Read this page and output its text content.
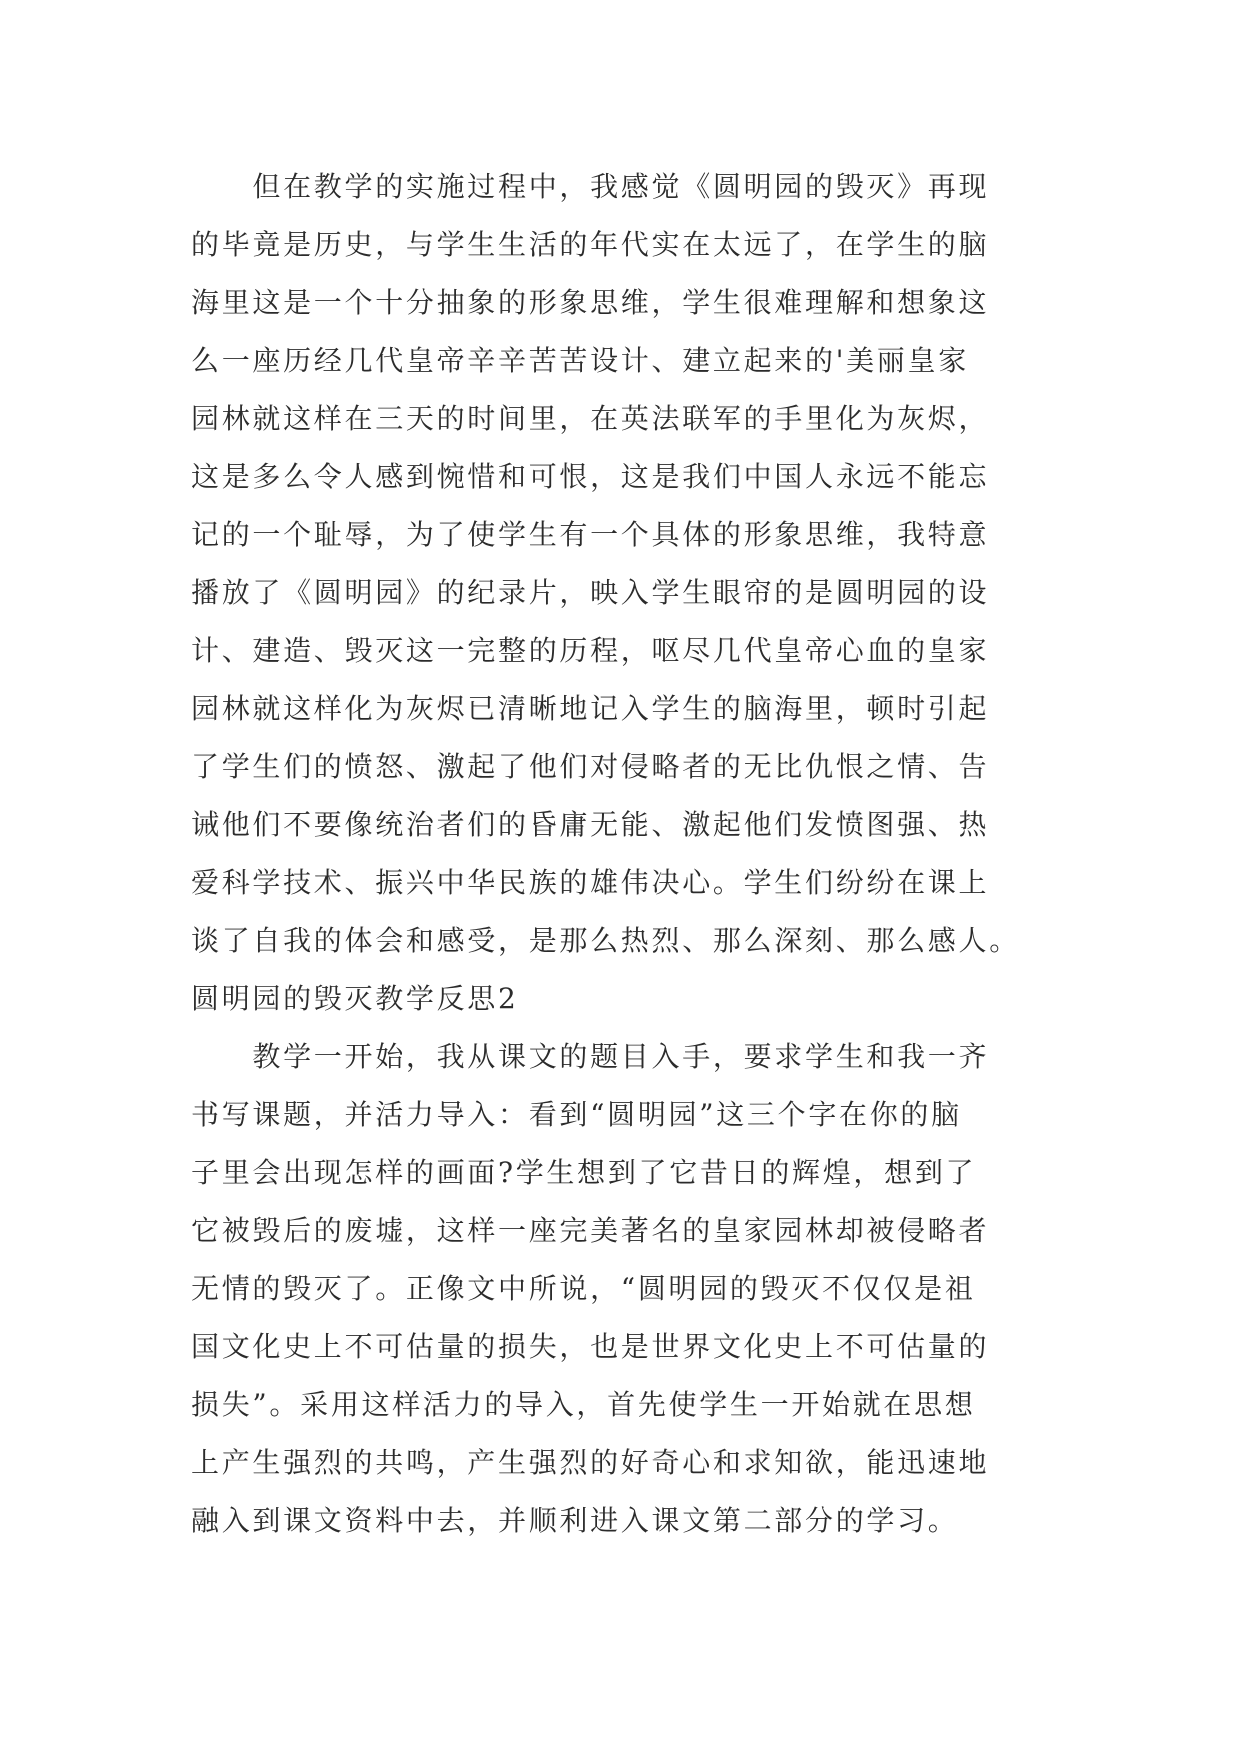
　　但在教学的实施过程中，我感觉《圆明园的毁灭》再现
的毕竟是历史，与学生生活的年代实在太远了，在学生的脑
海里这是一个十分抽象的形象思维，学生很难理解和想象这
么一座历经几代皇帝辛辛苦苦设计、建立起来的'美丽皇家
园林就这样在三天的时间里，在英法联军的手里化为灰烬，
这是多么令人感到惋惜和可恨，这是我们中国人永远不能忘
记的一个耻辱，为了使学生有一个具体的形象思维，我特意
播放了《圆明园》的纪录片，映入学生眼帘的是圆明园的设
计、建造、毁灭这一完整的历程，呕尽几代皇帝心血的皇家
园林就这样化为灰烬已清晰地记入学生的脑海里，顿时引起
了学生们的愤怒、激起了他们对侵略者的无比仇恨之情、告
诫他们不要像统治者们的昏庸无能、激起他们发愤图强、热
爱科学技术、振兴中华民族的雄伟决心。学生们纷纷在课上
谈了自我的体会和感受，是那么热烈、那么深刻、那么感人。
圆明园的毁灭教学反思2
　　教学一开始，我从课文的题目入手，要求学生和我一齐
书写课题，并活力导入：看到“圆明园”这三个字在你的脑
子里会出现怎样的画面?学生想到了它昔日的辉煌，想到了
它被毁后的废墟，这样一座完美著名的皇家园林却被侵略者
无情的毁灭了。正像文中所说，“圆明园的毁灭不仅仅是祖
国文化史上不可估量的损失，也是世界文化史上不可估量的
损失”。采用这样活力的导入，首先使学生一开始就在思想
上产生强烈的共鸣，产生强烈的好奇心和求知欲，能迅速地
融入到课文资料中去，并顺利进入课文第二部分的学习。
